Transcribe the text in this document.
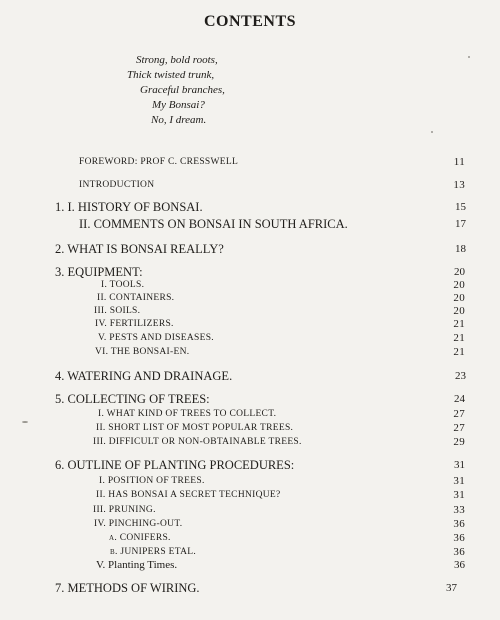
CONTENTS
Strong, bold roots,
Thick twisted trunk,
Graceful branches,
My Bonsai?
No, I dream.
FOREWORD: PROF C. CRESSWELL	11
INTRODUCTION	13
1. I. HISTORY OF BONSAI.	15
II. COMMENTS ON BONSAI IN SOUTH AFRICA.	17
2. WHAT IS BONSAI REALLY?	18
3. EQUIPMENT:	20
I. TOOLS.	20
II. CONTAINERS.	20
III. SOILS.	20
IV. FERTILIZERS.	21
V. PESTS AND DISEASES.	21
VI. THE BONSAI-EN.	21
4. WATERING AND DRAINAGE.	23
5. COLLECTING OF TREES:	24
I. WHAT KIND OF TREES TO COLLECT.	27
II. SHORT LIST OF MOST POPULAR TREES.	27
III. DIFFICULT OR NON-OBTAINABLE TREES.	29
6. OUTLINE OF PLANTING PROCEDURES:	31
I. POSITION OF TREES.	31
II. HAS BONSAI A SECRET TECHNIQUE?	31
III. PRUNING.	33
IV. PINCHING-OUT.	36
a. CONIFERS.	36
b. JUNIPERS ETAL.	36
V. Planting Times.	36
7. METHODS OF WIRING.	37
